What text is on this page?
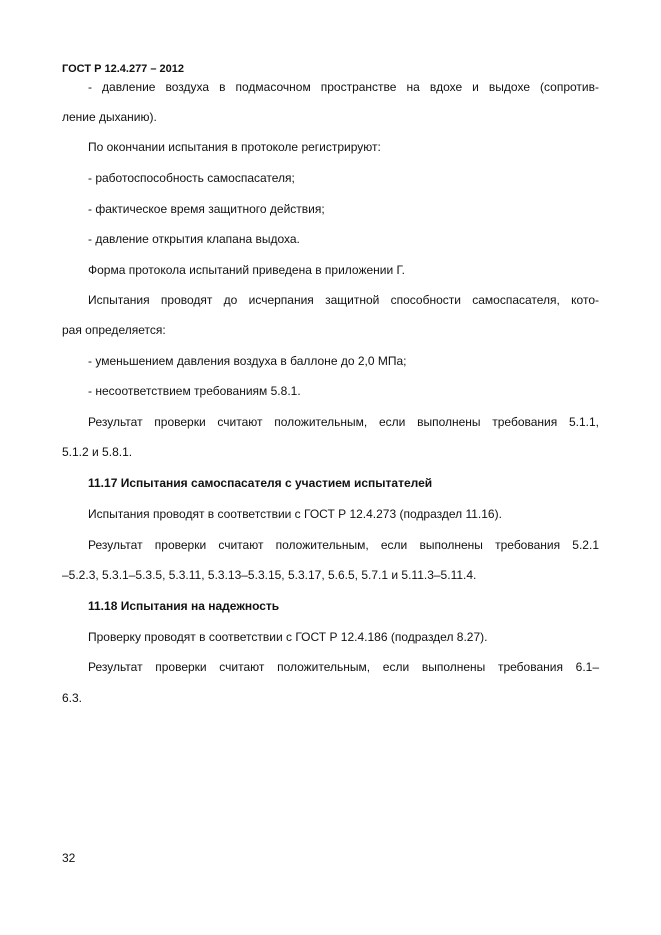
ГОСТ Р 12.4.277 – 2012
- давление воздуха в подмасочном пространстве на вдохе и выдохе (сопротив-
ление дыханию).
По окончании испытания в протоколе регистрируют:
- работоспособность самоспасателя;
- фактическое время защитного действия;
- давление открытия клапана выдоха.
Форма протокола испытаний приведена в приложении Г.
Испытания проводят до исчерпания защитной способности самоспасателя, кото-
рая определяется:
- уменьшением давления воздуха в баллоне до 2,0 МПа;
- несоответствием требованиям 5.8.1.
Результат проверки считают положительным, если выполнены требования 5.1.1,
5.1.2 и 5.8.1.
11.17 Испытания самоспасателя с участием испытателей
Испытания проводят в соответствии с ГОСТ Р 12.4.273 (подраздел 11.16).
Результат проверки считают положительным, если выполнены требования 5.2.1
–5.2.3, 5.3.1–5.3.5, 5.3.11, 5.3.13–5.3.15, 5.3.17, 5.6.5, 5.7.1 и 5.11.3–5.11.4.
11.18 Испытания на надежность
Проверку проводят в соответствии с ГОСТ Р 12.4.186 (подраздел 8.27).
Результат проверки считают положительным, если выполнены требования 6.1–
6.3.
32
